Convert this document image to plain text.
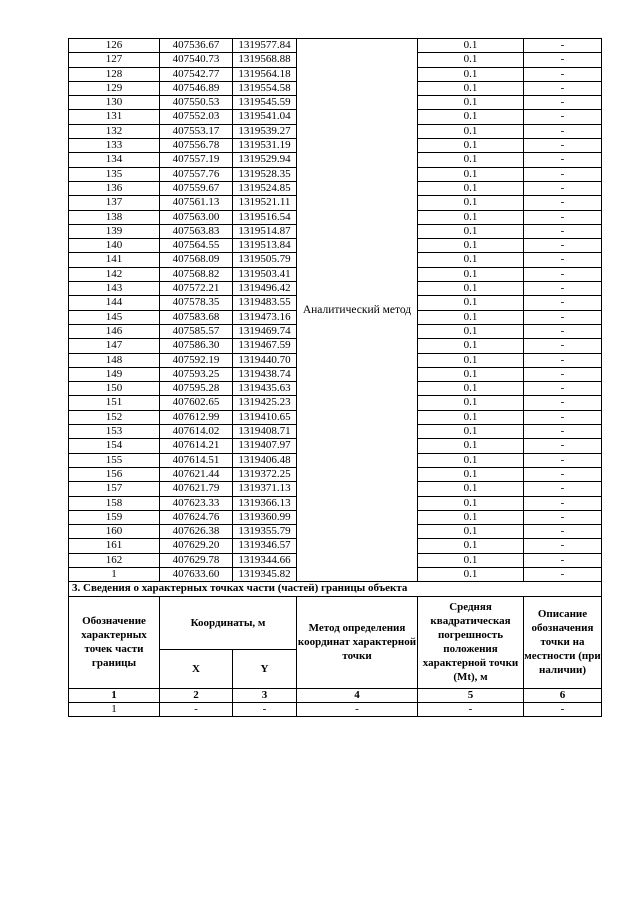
126	407536.67	1319577.84	Аналитический метод	0.1	-
127	407540.73	1319568.88		0.1	-
128	407542.77	1319564.18		0.1	-
129	407546.89	1319554.58		0.1	-
130	407550.53	1319545.59		0.1	-
131	407552.03	1319541.04		0.1	-
132	407553.17	1319539.27		0.1	-
133	407556.78	1319531.19		0.1	-
134	407557.19	1319529.94		0.1	-
135	407557.76	1319528.35		0.1	-
136	407559.67	1319524.85		0.1	-
137	407561.13	1319521.11		0.1	-
138	407563.00	1319516.54		0.1	-
139	407563.83	1319514.87		0.1	-
140	407564.55	1319513.84		0.1	-
141	407568.09	1319505.79		0.1	-
142	407568.82	1319503.41		0.1	-
143	407572.21	1319496.42		0.1	-
144	407578.35	1319483.55		0.1	-
145	407583.68	1319473.16		0.1	-
146	407585.57	1319469.74		0.1	-
147	407586.30	1319467.59		0.1	-
148	407592.19	1319440.70		0.1	-
149	407593.25	1319438.74		0.1	-
150	407595.28	1319435.63		0.1	-
151	407602.65	1319425.23		0.1	-
152	407612.99	1319410.65		0.1	-
153	407614.02	1319408.71		0.1	-
154	407614.21	1319407.97		0.1	-
155	407614.51	1319406.48		0.1	-
156	407621.44	1319372.25		0.1	-
157	407621.79	1319371.13		0.1	-
158	407623.33	1319366.13		0.1	-
159	407624.76	1319360.99		0.1	-
160	407626.38	1319355.79		0.1	-
161	407629.20	1319346.57		0.1	-
162	407629.78	1319344.66		0.1	-
1	407633.60	1319345.82		0.1	-
3. Сведения о характерных точках части (частей) границы объекта					
Обозначение характерных точек части границы	Координаты, м		Метод определения координат характерной точки	Средняя квадратическая погрешность положения характерной точки (Mt), м	Описание обозначения точки на местности (при наличии)
	X	Y			
1	2	3	4	5	6
1	-	-	-	-	-
